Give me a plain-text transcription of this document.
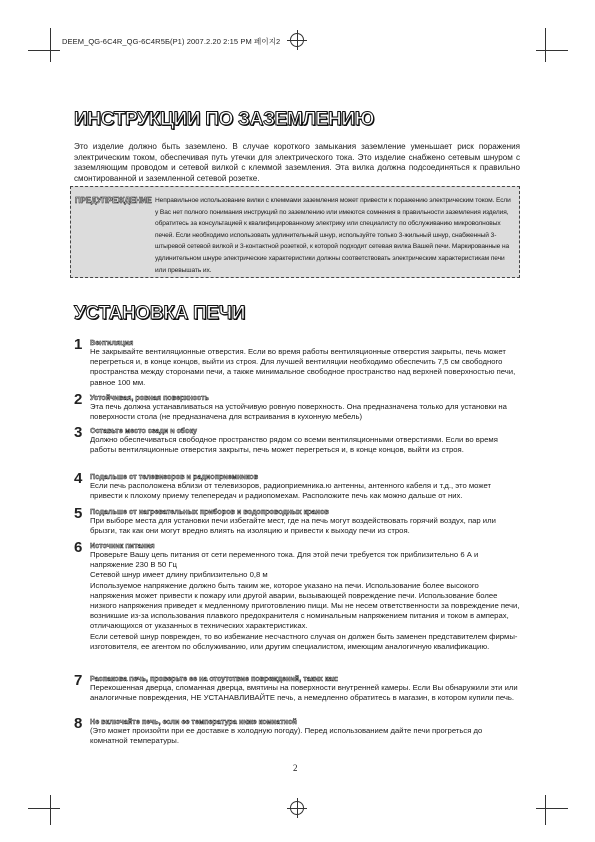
DEEM_QG-6C4R_QG-6C4R5Б(Р1) 2007.2.20 2:15 PM 페이지2
ИНСТРУКЦИИ ПО ЗАЗЕМЛЕНИЮ
Это изделие должно быть заземлено. В случае короткого замыкания заземление уменьшает риск поражения электрическим током, обеспечивая путь утечки для электрического тока. Это изделие снабжено сетевым шнуром с заземляющим проводом и сетевой вилкой с клеммой заземления. Эта вилка должна подсоединяться к правильно смонтированной и заземленной сетевой розетке.
ПРЕДУПРЕЖДЕНИЕ Неправильное использование вилки с клеммами заземления может привести к поражению электрическим током. Если у Вас нет полного понимания инструкций по заземлению или имеются сомнения в правильности заземления изделия, обратитесь за консультацией к квалифицированному электрику или специалисту по обслуживанию микроволновых печей. Если необходимо использовать удлинительный шнур, используйте только 3-жильный шнур, снабженный 3-штыревой сетевой вилкой и 3-контактной розеткой, к которой подходит сетевая вилка Вашей печи. Маркированные на удлинительном шнуре электрические характеристики должны соответствовать электрическим характеристикам печи или превышать их.
УСТАНОВКА ПЕЧИ
1 Вентиляция
Не закрывайте вентиляционные отверстия. Если во время работы вентиляционные отверстия закрыты, печь может перегреться и, в конце концов, выйти из строя. Для лучшей вентиляции необходимо обеспечить 7,5 см свободного пространства между сторонами печи, а также минимальное свободное пространство над верхней поверхностью печи, равное 100 мм.
2 Устойчивая, ровная поверхность
Эта печь должна устанавливаться на устойчивую ровную поверхность. Она предназначена только для установки на поверхности стола (не предназначена для встраивания в кухонную мебель)
3 Оставьте место сзади и сбоку
Должно обеспечиваться свободное пространство рядом со всеми вентиляционными отверстиями. Если во время работы вентиляционные отверстия закрыты, печь может перегреться и, в конце концов, выйти из строя.
4 Подальше от телевизоров и радиоприемников
Если печь расположена вблизи от телевизоров, радиоприемника.ю антенны, антенного кабеля и т.д., это может привести к плохому приему телепередач и радиопомехам. Расположите печь как можно дальше от них.
5 Подальше от нагревательных приборов и водопроводных кранов
При выборе места для установки печи избегайте мест, где на печь могут воздействовать горячий воздух, пар или брызги, так как они могут вредно влиять на изоляцию и привести к выходу печи из строя.
6 Источник питания
Проверьте Вашу цепь питания от сети переменного тока. Для этой печи требуется ток приблизительно 6 А и напряжение 230 В 50 Гц
Сетевой шнур имеет длину приблизительно 0,8 м
Используемое напряжение должно быть таким же, которое указано на печи. Использование более высокого напряжения может привести к пожару или другой аварии, вызывающей повреждение печи. Использование более низкого напряжения приведет к медленному приготовлению пищи. Мы не несем ответственности за повреждение печи, возникшие из-за использования плавкого предохранителя с номинальным напряжением питания и током в амперах, отличающихся от указанных в технических характеристиках.
Если сетевой шнур поврежден, то во избежание несчастного случая он должен быть заменен представителем фирмы-изготовителя, ее агентом по обслуживанию, или другим специалистом, имеющим аналогичную квалификацию.
7 Распакова печь, проверьте ее на отсутствие повреждений, таких как:
Перекошенная дверца, сломанная дверца, вмятины на поверхности внутренней камеры. Если Вы обнаружили эти или аналогичные повреждения, НЕ УСТАНАВЛИВАЙТЕ печь, а немедленно обратитесь в магазин, в котором купили печь.
8 Не включайте печь, если ее температура ниже комнатной
(Это может произойти при ее доставке в холодную погоду). Перед использованием дайте печи прогреться до комнатной температуры.
2
